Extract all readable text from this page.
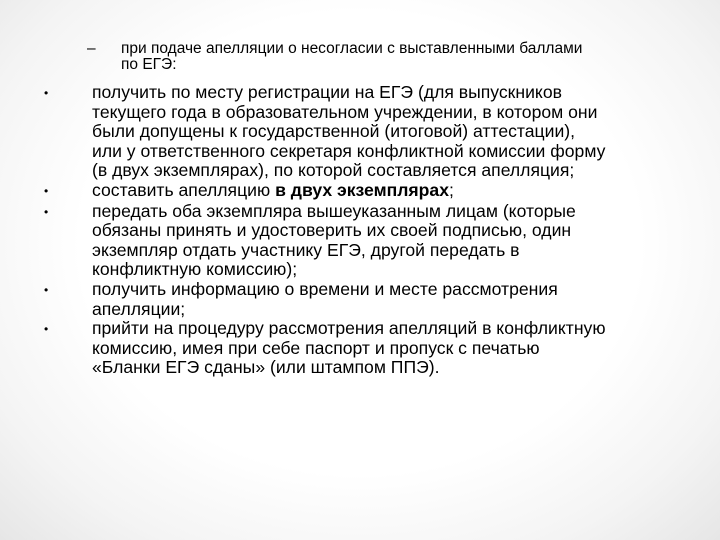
–	при подаче апелляции о несогласии с выставленными баллами
по ЕГЭ:
•	получить по месту регистрации на ЕГЭ (для выпускников
текущего года в образовательном учреждении, в котором они
были допущены к государственной (итоговой) аттестации),
или у ответственного секретаря конфликтной комиссии форму
(в двух экземплярах), по которой составляется апелляция;
•	составить апелляцию в двух экземплярах;
•	передать оба экземпляра вышеуказанным лицам (которые
обязаны принять и удостоверить их своей подписью, один
экземпляр отдать участнику ЕГЭ, другой передать в
конфликтную комиссию);
•	получить информацию о времени и месте рассмотрения
апелляции;
•	прийти на процедуру рассмотрения апелляций в конфликтную
комиссию, имея при себе паспорт и пропуск с печатью
«Бланки ЕГЭ сданы» (или штампом ППЭ).
